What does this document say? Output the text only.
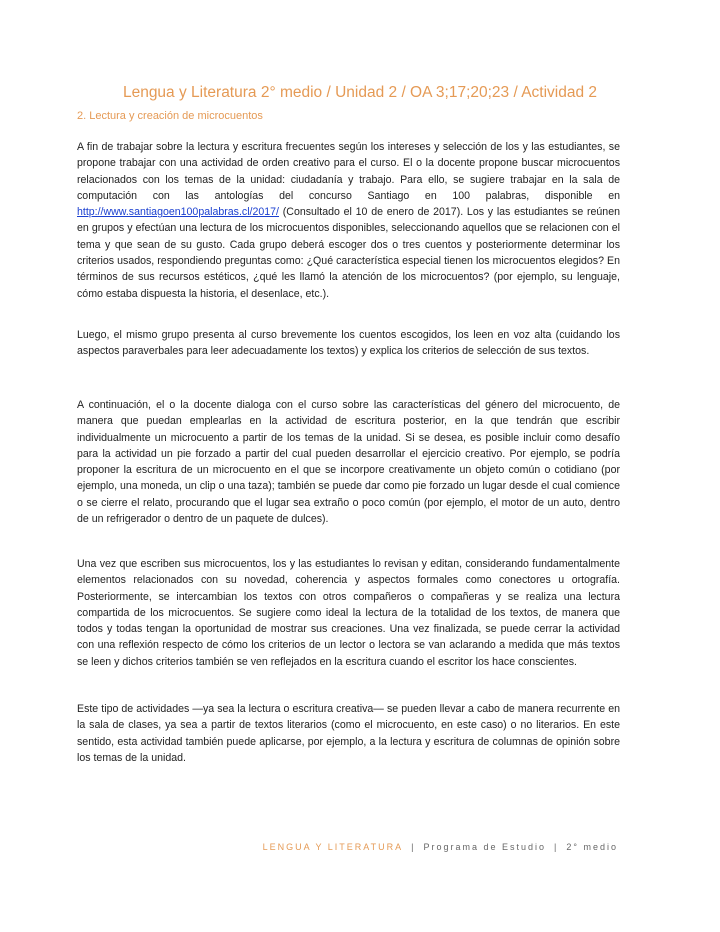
Lengua y Literatura 2° medio / Unidad 2 / OA 3;17;20;23 / Actividad 2
2. Lectura y creación de microcuentos

A fin de trabajar sobre la lectura y escritura frecuentes según los intereses y selección de los y las estudiantes, se propone trabajar con una actividad de orden creativo para el curso. El o la docente propone buscar microcuentos relacionados con los temas de la unidad: ciudadanía y trabajo. Para ello, se sugiere trabajar en la sala de computación con las antologías del concurso Santiago en 100 palabras, disponible en http://www.santiagoen100palabras.cl/2017/ (Consultado el 10 de enero de 2017). Los y las estudiantes se reúnen en grupos y efectúan una lectura de los microcuentos disponibles, seleccionando aquellos que se relacionen con el tema y que sean de su gusto. Cada grupo deberá escoger dos o tres cuentos y posteriormente determinar los criterios usados, respondiendo preguntas como: ¿Qué característica especial tienen los microcuentos elegidos? En términos de sus recursos estéticos, ¿qué les llamó la atención de los microcuentos? (por ejemplo, su lenguaje, cómo estaba dispuesta la historia, el desenlace, etc.).

Luego, el mismo grupo presenta al curso brevemente los cuentos escogidos, los leen en voz alta (cuidando los aspectos paraverbales para leer adecuadamente los textos) y explica los criterios de selección de sus textos.

A continuación, el o la docente dialoga con el curso sobre las características del género del microcuento, de manera que puedan emplearlas en la actividad de escritura posterior, en la que tendrán que escribir individualmente un microcuento a partir de los temas de la unidad. Si se desea, es posible incluir como desafío para la actividad un pie forzado a partir del cual pueden desarrollar el ejercicio creativo. Por ejemplo, se podría proponer la escritura de un microcuento en el que se incorpore creativamente un objeto común o cotidiano (por ejemplo, una moneda, un clip o una taza); también se puede dar como pie forzado un lugar desde el cual comience o se cierre el relato, procurando que el lugar sea extraño o poco común (por ejemplo, el motor de un auto, dentro de un refrigerador o dentro de un paquete de dulces).

Una vez que escriben sus microcuentos, los y las estudiantes lo revisan y editan, considerando fundamentalmente elementos relacionados con su novedad, coherencia y aspectos formales como conectores u ortografía. Posteriormente, se intercambian los textos con otros compañeros o compañeras y se realiza una lectura compartida de los microcuentos. Se sugiere como ideal la lectura de la totalidad de los textos, de manera que todos y todas tengan la oportunidad de mostrar sus creaciones. Una vez finalizada, se puede cerrar la actividad con una reflexión respecto de cómo los criterios de un lector o lectora se van aclarando a medida que más textos se leen y dichos criterios también se ven reflejados en la escritura cuando el escritor los hace conscientes.

Este tipo de actividades —ya sea la lectura o escritura creativa— se pueden llevar a cabo de manera recurrente en la sala de clases, ya sea a partir de textos literarios (como el microcuento, en este caso) o no literarios. En este sentido, esta actividad también puede aplicarse, por ejemplo, a la lectura y escritura de columnas de opinión sobre los temas de la unidad.

LENGUA Y LITERATURA | Programa de Estudio | 2° medio
